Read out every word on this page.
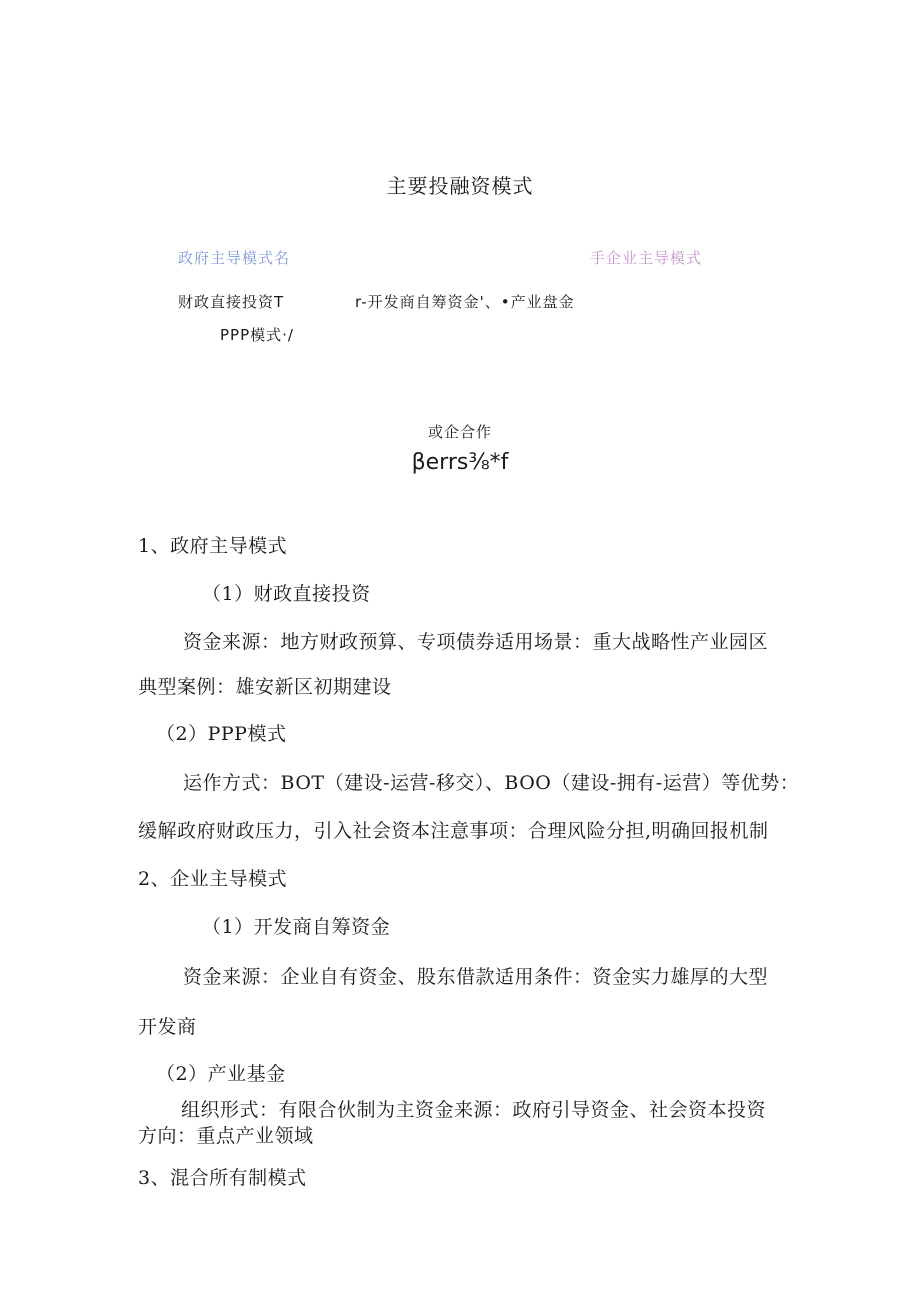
主要投融资模式
政府主导模式名	手企业主导模式
财政直接投资T	r-开发商自筹资金'、•产业盘金
PPP模式·/
或企合作
βerrs⅜*f
1、政府主导模式
（1）财政直接投资
资金来源：地方财政预算、专项债券适用场景：重大战略性产业园区
典型案例：雄安新区初期建设
（2）PPP模式
运作方式：BOT（建设-运营-移交）、BOO（建设-拥有-运营）等优势：
缓解政府财政压力，引入社会资本注意事项：合理风险分担,明确回报机制
2、企业主导模式
（1）开发商自筹资金
资金来源：企业自有资金、股东借款适用条件：资金实力雄厚的大型
开发商
（2）产业基金
组织形式：有限合伙制为主资金来源：政府引导资金、社会资本投资
方向：重点产业领域
3、混合所有制模式
